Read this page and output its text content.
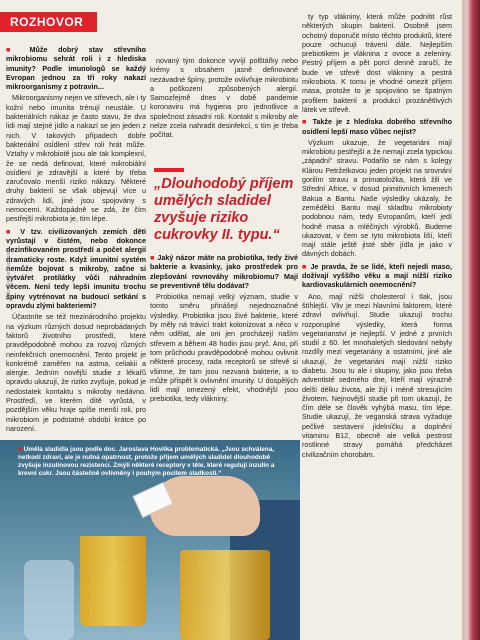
ROZHOVOR

■ Může dobrý stav střevního mikrobiomu sehrát roli i z hlediska imunity? Podle imunologů se každý Evropan jednou za tři roky nakazí mikroorganismy z potravin...

Mikroorganismy nejen ve střevech, ale i ty kožní nebo imunita trénují neustále. U bakteriálních nákaz je často stavu, že dva lidi mají stejné jídlo a nakazí se jen jeden z nich. V takových případech dobře bakteriální osídlení střev roli hrát může. Vztahy v mikrobiotě jsou ale tak komplexní, že se nedá definovat, které mikrobiální osídlení je zdravější a které by třeba zaručovalo menší riziko nákazy. Některé druhy bakterií se však objevují více u zdravých lidí, jiné jsou spojovány s nemocemi. Každopádně se zdá, že čím pestřejší mikrobiota je, tím lépe.

■ V tzv. civilizovaných zemích děti vyrůstají v čistém, nebo dokonce dezinfikovaném prostředí a počet alergií dramaticky roste. Když imunitní systém nemůže bojovat s mikroby, začne si vytvářet protilátky vůči náhradním věcem. Není tedy lepší imunitu trochu špiny vytrénovat na budoucí setkání s opravdu zlými bakteriemi?

Účastníte se též mezinárodního projektu na výzkum různých dosud neprobádaných faktorů životního prostředí, které pravděpodobně mohou za rozvoj různých neinfekčních onemocnění. Tento projekt je konkrétně zaměřen na astma, celiakii a alergie. Jedním novější studie z lékařů opravdu ukazují, že riziko zvyšuje, pokud je nedostatek kontaktu s mikroby nedávno. Prostředí, ve kterém dítě vyrůstá, v pozdějším věku hraje spíše menší roli, pro mikrobiom je podstatné období krátce po narození.

novaný tým dokonce vyvíjí polštářky nebo krémy s obsahem jasně definované nezávadné špíny, protože ovlivňuje mikrobiotu a poškození způsobených alergií. Samozřejmě dnes v době pandemie koronaviru má hygiena pro jednotlivce a společnost zásadní roli. Kontakt s mikroby ale nelze zcela nahradit desinfekcí, s tím je třeba počítat.

„Dlouhodobý příjem umělých sladidel zvyšuje riziko cukrovky II. typu.“

■ Jaký názor máte na probiotika, tedy živé bakterie a kvasinky, jako prostředek pro zlepšování rovnováhy mikrobiomu? Mají se preventivně tělu dodávat?

Probiotika nemají velký význam, studie v tomto směru přinášejí nejednoznačné výsledky. Probiotika jsou živé bakterie, které by měly ná trávicí trakt kolonizovat a něco v něm udělat, ale oni jen procházejí naším střevem a během 48 hodin jsou pryč. Ano, při tom průchodu pravděpodobně mohou ovlivnit některé procesy, rada receptorů se střevě si všimne, že tam jsou nezvaná bakterie, a to může přispět k ovlivnění imunity. U dospělých lidí mají omezený efekt, vhodnější jsou prebiotika, tedy vlákniny.

ty typ vlákniny, která může podnítit růst některých skupin bakterií. Osobně jsem ochotný doporučit místo těchto produktů, které pouze ochucují trávení dále. Nejlepším prebiotikem je vláknina z ovoce a zeleniny. Pestrý příjem a pět porcí denně zaručí, že bude ve střevě dost vlákniny a pestrá mikrobiota. K tomu je vhodné omezit příjem masa, protože to je spojováno se špatným profilem bakterií a produkcí prozánětlivých látek ve střevě.

■ Takže je z hlediska dobrého střevního osídlení lepší maso vůbec nejíst?

Výzkum ukazuje, že vegetariáni mají mikrobiotu pestřejší a že nemají zcela typickou „západní“ stravu. Podařilo se nám s kolegy Klárou Petrželkovou jeden projekt na srovnání gorilím stravu a primatoložka, která žili ve Střední Africe, v dosud primitivních kmenech Bakua a Bantu. Naše výsledky ukázaly, že zemědělci Bantu mají skladbu mikrobioty podobnou nám, tedy Evropanům, kteří jedí hodně masa a mléčných výrobků. Budeme ukazovat, v čem se tyto mikrobiota liší, kteří mají stále ještě jisté sběr jídla je jako v dávných dobách.

■ Je pravda, že se lidé, kteří nejedí maso, dožívají vyššího věku a mají nižší riziko kardiovaskulárních onemocnění?

Ano, mají nižší cholesterol i tlak, jsou štíhlejší. Vliv je mezi hlavními faktorem, které zdraví ovlivňují. Studie ukazují trochu rozporuplné výsledky, která forma vegetarianství je nejlepší. V jedné z prvních studií z 60. let mnohaletých sledování nebyly rozdíly mezi vegetariány a ostatními, jiné ale ukazují, že vegetariáni mají nižší riziko diabetu. Jsou tu ale i skupiny, jako jsou třeba adventisté sedmého dne, kteří mají výrazně delší délku života, ale žijí i méně stresujícím životem. Nejnovější studie při tom ukazují, že čím déle se člověk vyhýbá masu, tím lépe. Studie ukazují, že veganská strava vyžaduje pečlivé sestavení jídelníčku a doplnění vitaminu B12, obecně ale velká pestrost rostlinné stravy pomáhá předcházet civilizačním chorobám.

Foto: Shutterstock.com
■ Umělá sladidla jsou podle doc. Jaroslava Hovlíka problematická. „Jsou schválena, netkodí zdraví, ale je nutná opatrnost, protože příjem umělých sladidel dlouhodobě zvyšuje inzulínovou rezistenci. Zmýlí některé receptory v těle, které regulují inzulín a krevní cukr. Jsou částečně ovlivněny i pouhým pocitem sladkosti.“
